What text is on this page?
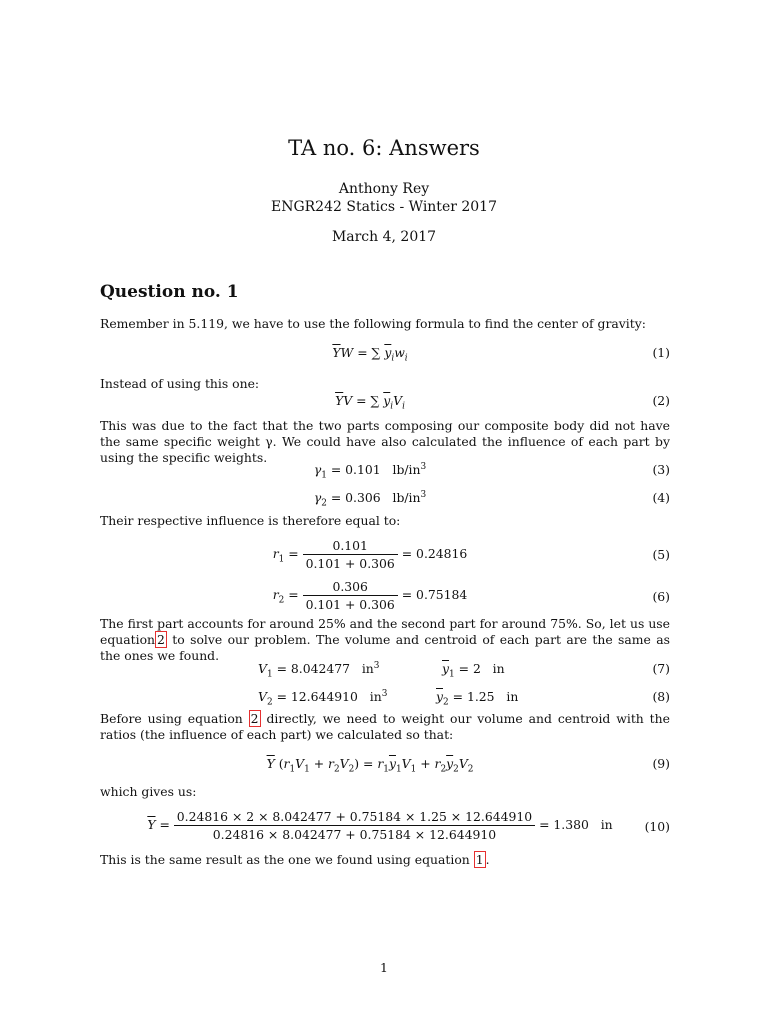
TA no. 6: Answers
Anthony Rey
ENGR242 Statics - Winter 2017
March 4, 2017
Question no. 1
Remember in 5.119, we have to use the following formula to find the center of gravity:
$\overline{Y}W$ = ∑ $\overline{y}_iw_i$	(1)
Instead of using this one:
$\overline{Y}V$ = ∑ $\overline{y}_iV_i$	(2)
This was due to the fact that the two parts composing our composite body did not have the same specific weight γ. We could have also calculated the influence of each part by using the specific weights.
$\gamma_1 = 0.101$ $lb/in^3$	(3)
$\gamma_2 = 0.306$ $lb/in^3$	(4)
Their respective influence is therefore equal to:
$r_1 = \frac{0.101}{0.101 + 0.306} = 0.24816$	(5)
$r_2 = \frac{0.306}{0.101 + 0.306} = 0.75184$	(6)
The first part accounts for around 25% and the second part for around 75%. So, let us use equation 2 to solve our problem. The volume and centroid of each part are the same as the ones we found.
$V_1 = 8.042477$ $in^3$	$\overline{y}_1 = 2$ in	(7)
$V_2 = 12.644910$ $in^3$	$\overline{y}_2 = 1.25$ in	(8)
Before using equation 2 directly, we need to weight our volume and centroid with the ratios (the influence of each part) we calculated so that:
$\overline{Y}$ $(r_1V_1 + r_2V_2) = r_1\overline{y}_1V_1 + r_2\overline{y}_2V_2$	(9)
which gives us:
$\overline{Y} = \frac{0.24816 \times 2 \times 8.042477 + 0.75184 \times 1.25 \times 12.644910}{0.24816 \times 8.042477 + 0.75184 \times 12.644910} = 1.380$ in	(10)
This is the same result as the one we found using equation 1 .
1
